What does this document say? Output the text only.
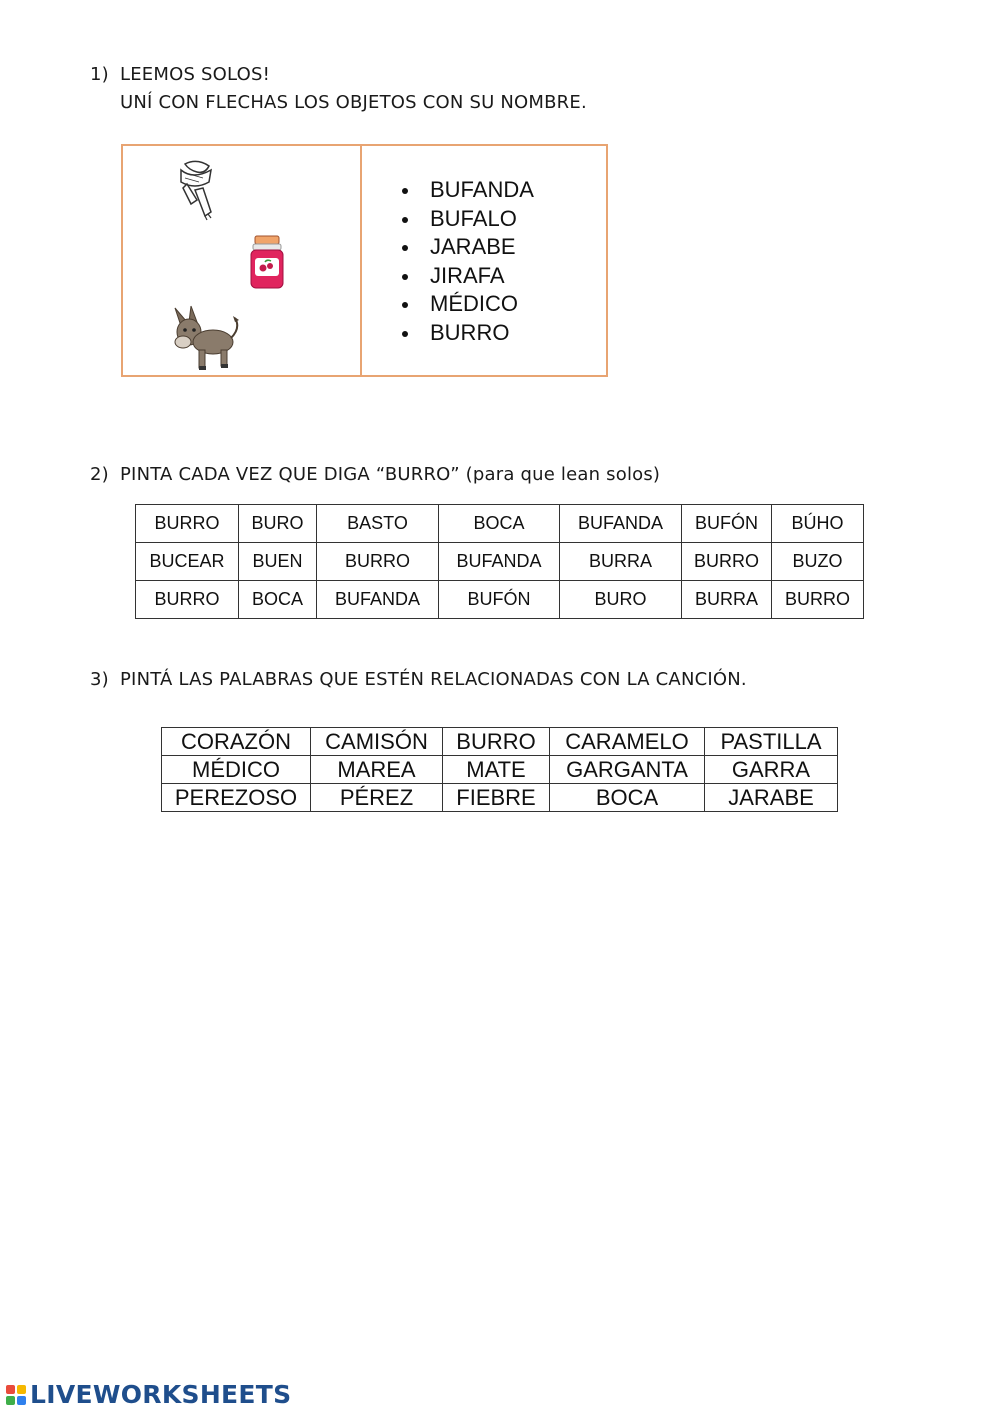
1) LEEMOS SOLOS!
UNÍ CON FLECHAS LOS OBJETOS CON SU NOMBRE.
BUFANDA
BUFALO
JARABE
JIRAFA
MÉDICO
BURRO
2) PINTA CADA VEZ QUE DIGA “BURRO” (para que lean solos)
BURRO	BURO	BASTO	BOCA	BUFANDA	BUFÓN	BÚHO
BUCEAR	BUEN	BURRO	BUFANDA	BURRA	BURRO	BUZO
BURRO	BOCA	BUFANDA	BUFÓN	BURO	BURRA	BURRO
3) PINTÁ LAS PALABRAS QUE ESTÉN RELACIONADAS CON LA CANCIÓN.
CORAZÓN	CAMISÓN	BURRO	CARAMELO	PASTILLA
MÉDICO	MAREA	MATE	GARGANTA	GARRA
PEREZOSO	PÉREZ	FIEBRE	BOCA	JARABE
LIVEWORKSHEETS
